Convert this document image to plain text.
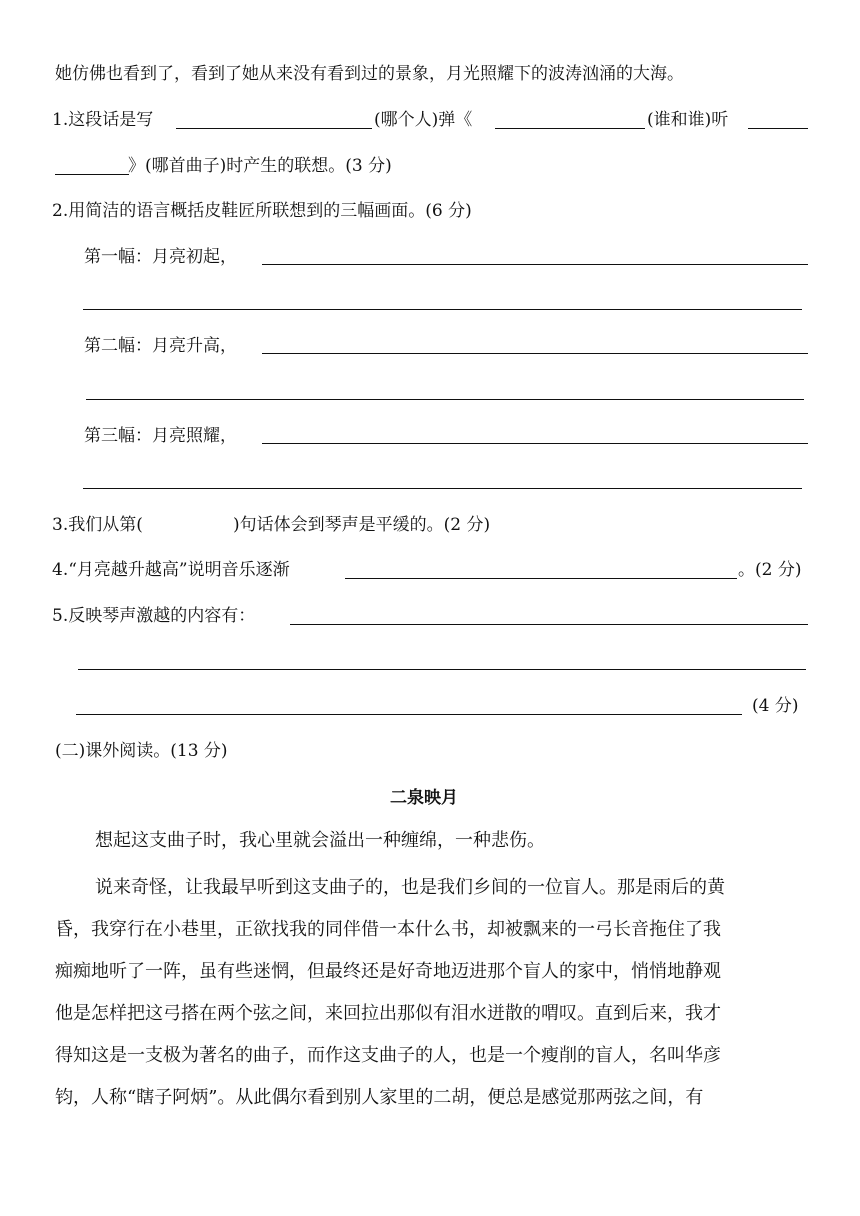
她仿佛也看到了，看到了她从来没有看到过的景象，月光照耀下的波涛汹涌的大海。
1.这段话是写	(哪个人)弹《	(谁和谁)听
》(哪首曲子)时产生的联想。(3 分)
2.用简洁的语言概括皮鞋匠所联想到的三幅画面。(6 分)
第一幅：月亮初起，
第二幅：月亮升高，
第三幅：月亮照耀，
3.我们从第(	)句话体会到琴声是平缓的。(2 分)
4.“月亮越升越高”说明音乐逐渐	。(2 分)
5.反映琴声激越的内容有：
(4 分)
(二)课外阅读。(13 分)
二泉映月
想起这支曲子时，我心里就会溢出一种缠绵，一种悲伤。
说来奇怪，让我最早听到这支曲子的，也是我们乡间的一位盲人。那是雨后的黄
昏，我穿行在小巷里，正欲找我的同伴借一本什么书，却被飘来的一弓长音拖住了我
痴痴地听了一阵，虽有些迷惘，但最终还是好奇地迈进那个盲人的家中，悄悄地静观
他是怎样把这弓搭在两个弦之间，来回拉出那似有泪水迸散的喟叹。直到后来，我才
得知这是一支极为著名的曲子，而作这支曲子的人，也是一个瘦削的盲人，名叫华彦
钧，人称“瞎子阿炳”。从此偶尔看到别人家里的二胡，便总是感觉那两弦之间，有
